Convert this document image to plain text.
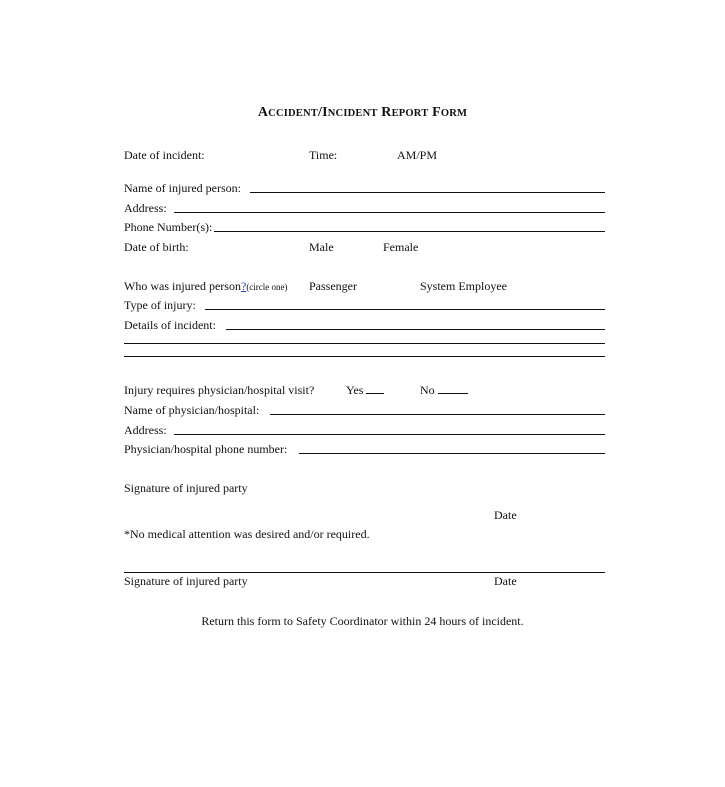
ACCIDENT/INCIDENT REPORT FORM
Date of incident:	Time:	AM/PM
Name of injured person:
Address:
Phone Number(s):
Date of birth:	Male	Female
Who was injured person?(circle one) Passenger	System Employee
Type of injury:
Details of incident:
Injury requires physician/hospital visit?	Yes	No
Name of physician/hospital:
Address:
Physician/hospital phone number:
Signature of injured party
Date
*No medical attention was desired and/or required.
Signature of injured party	Date
Return this form to Safety Coordinator within 24 hours of incident.
